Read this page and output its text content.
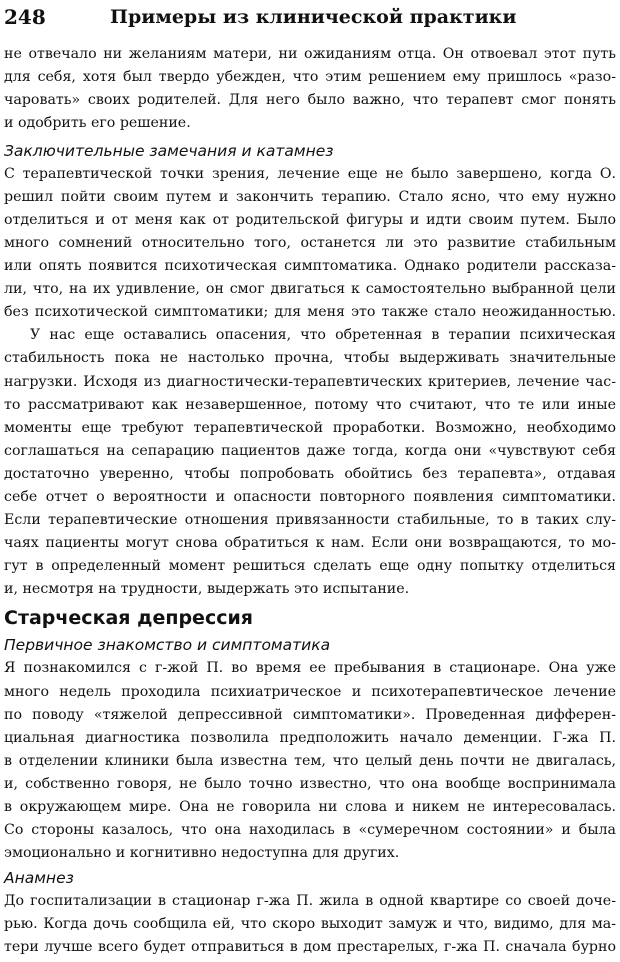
248	Примеры из клинической практики
не отвечало ни желаниям матери, ни ожиданиям отца. Он отвоевал этот путь
для себя, хотя был твердо убежден, что этим решением ему пришлось «разо-
чаровать» своих родителей. Для него было важно, что терапевт смог понять
и одобрить его решение.
Заключительные замечания и катамнез
С терапевтической точки зрения, лечение еще не было завершено, когда О.
решил пойти своим путем и закончить терапию. Стало ясно, что ему нужно
отделиться и от меня как от родительской фигуры и идти своим путем. Было
много сомнений относительно того, останется ли это развитие стабильным
или опять появится психотическая симптоматика. Однако родители рассказа-
ли, что, на их удивление, он смог двигаться к самостоятельно выбранной цели
без психотической симптоматики; для меня это также стало неожиданностью.
У нас еще оставались опасения, что обретенная в терапии психическая
стабильность пока не настолько прочна, чтобы выдерживать значительные
нагрузки. Исходя из диагностически-терапевтических критериев, лечение час-
то рассматривают как незавершенное, потому что считают, что те или иные
моменты еще требуют терапевтической проработки. Возможно, необходимо
соглашаться на сепарацию пациентов даже тогда, когда они «чувствуют себя
достаточно уверенно, чтобы попробовать обойтись без терапевта», отдавая
себе отчет о вероятности и опасности повторного появления симптоматики.
Если терапевтические отношения привязанности стабильные, то в таких слу-
чаях пациенты могут снова обратиться к нам. Если они возвращаются, то мо-
гут в определенный момент решиться сделать еще одну попытку отделиться
и, несмотря на трудности, выдержать это испытание.
Старческая депрессия
Первичное знакомство и симптоматика
Я познакомился с г-жой П. во время ее пребывания в стационаре. Она уже
много недель проходила психиатрическое и психотерапевтическое лечение
по поводу «тяжелой депрессивной симптоматики». Проведенная дифферен-
циальная диагностика позволила предположить начало деменции. Г-жа П.
в отделении клиники была известна тем, что целый день почти не двигалась,
и, собственно говоря, не было точно известно, что она вообще воспринимала
в окружающем мире. Она не говорила ни слова и никем не интересовалась.
Со стороны казалось, что она находилась в «сумеречном состоянии» и была
эмоционально и когнитивно недоступна для других.
Анамнез
До госпитализации в стационар г-жа П. жила в одной квартире со своей доче-
рью. Когда дочь сообщила ей, что скоро выходит замуж и что, видимо, для ма-
тери лучше всего будет отправиться в дом престарелых, г-жа П. сначала бурно
